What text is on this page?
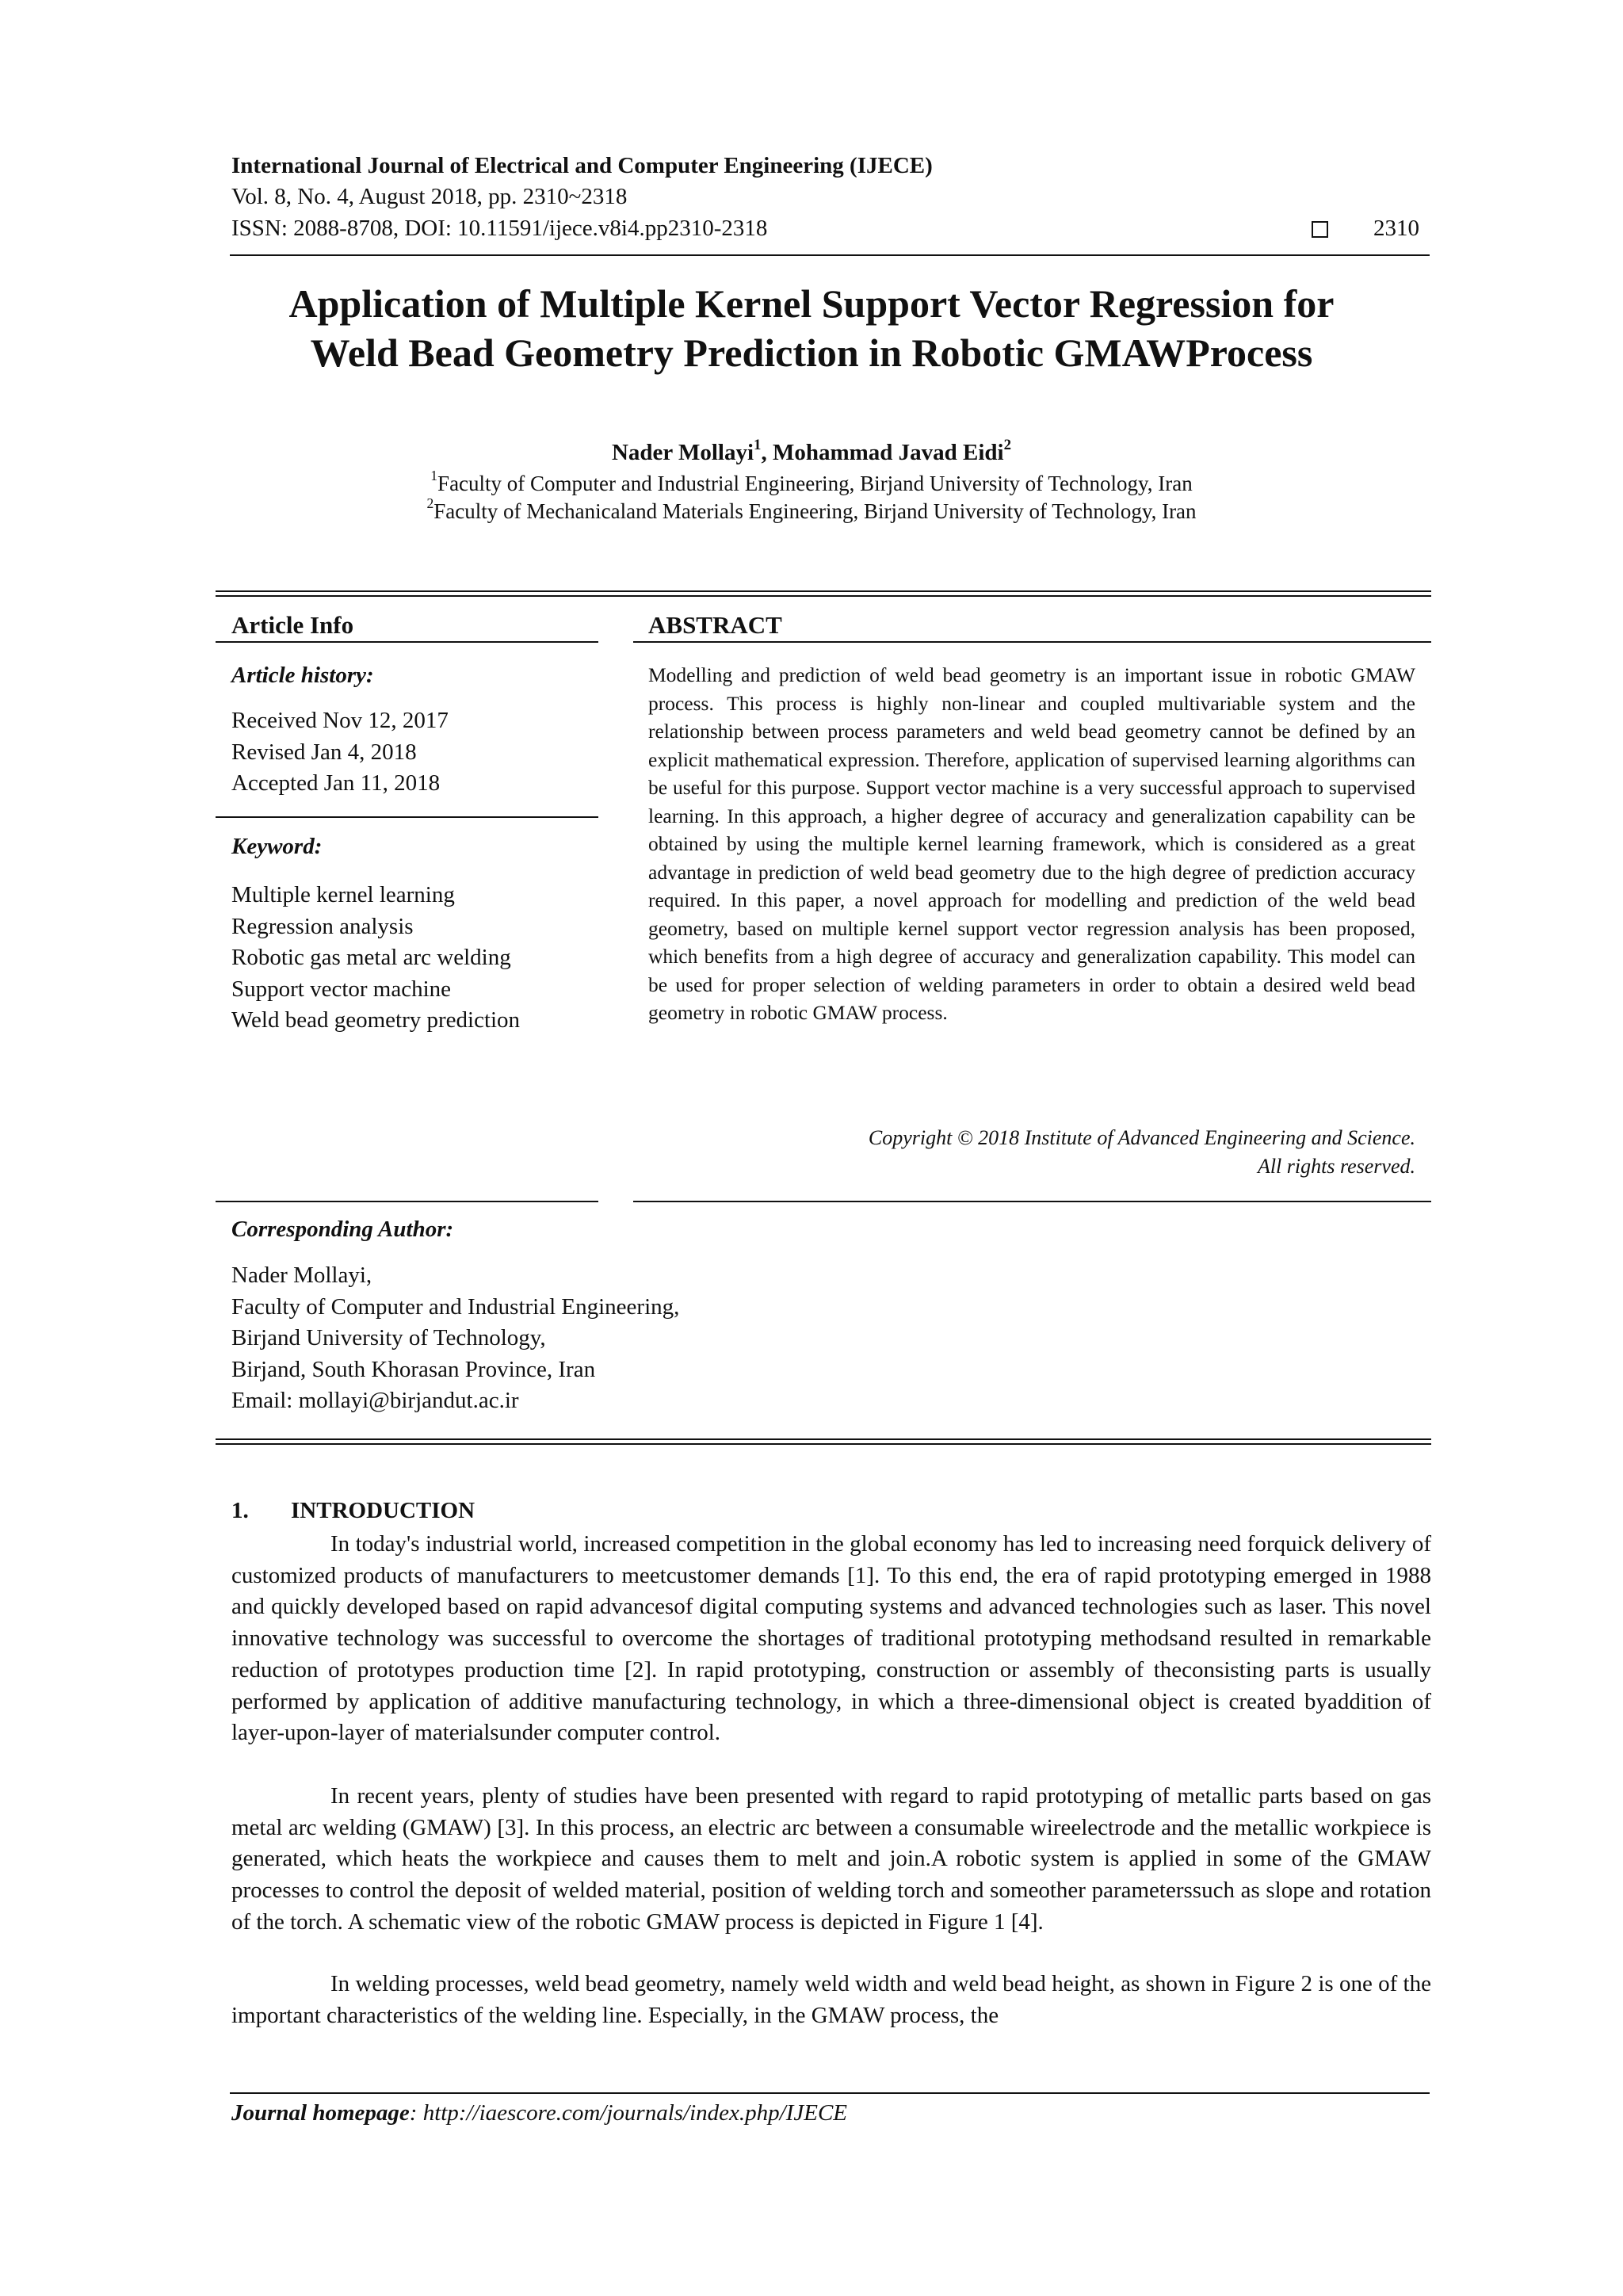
International Journal of Electrical and Computer Engineering (IJECE)
Vol. 8, No. 4, August 2018, pp. 2310~2318
ISSN: 2088-8708, DOI: 10.11591/ijece.v8i4.pp2310-2318	2310
Application of Multiple Kernel Support Vector Regression for
Weld Bead Geometry Prediction in Robotic GMAWProcess
Nader Mollayi$^1$, Mohammad Javad Eidi$^2$
$^1$Faculty of Computer and Industrial Engineering, Birjand University of Technology, Iran
$^2$Faculty of Mechanicaland Materials Engineering, Birjand University of Technology, Iran
Article Info
Article history:
Received Nov 12, 2017
Revised Jan 4, 2018
Accepted Jan 11, 2018
Keyword:
Multiple kernel learning
Regression analysis
Robotic gas metal arc welding
Support vector machine
Weld bead geometry prediction
ABSTRACT
Modelling and prediction of weld bead geometry is an important issue in robotic GMAW process. This process is highly non-linear and coupled multivariable system and the relationship between process parameters and weld bead geometry cannot be defined by an explicit mathematical expression. Therefore, application of supervised learning algorithms can be useful for this purpose. Support vector machine is a very successful approach to supervised learning. In this approach, a higher degree of accuracy and generalization capability can be obtained by using the multiple kernel learning framework, which is considered as a great advantage in prediction of weld bead geometry due to the high degree of prediction accuracy required. In this paper, a novel approach for modelling and prediction of the weld bead geometry, based on multiple kernel support vector regression analysis has been proposed, which benefits from a high degree of accuracy and generalization capability. This model can be used for proper selection of welding parameters in order to obtain a desired weld bead geometry in robotic GMAW process.
Copyright © 2018 Institute of Advanced Engineering and Science.
All rights reserved.
Corresponding Author:
Nader Mollayi,
Faculty of Computer and Industrial Engineering,
Birjand University of Technology,
Birjand, South Khorasan Province, Iran
Email: mollayi@birjandut.ac.ir
1. INTRODUCTION
In today's industrial world, increased competition in the global economy has led to increasing need forquick delivery of customized products of manufacturers to meetcustomer demands [1]. To this end, the era of rapid prototyping emerged in 1988 and quickly developed based on rapid advancesof digital computing systems and advanced technologies such as laser. This novel innovative technology was successful to overcome the shortages of traditional prototyping methodsand resulted in remarkable reduction of prototypes production time [2]. In rapid prototyping, construction or assembly of theconsisting parts is usually performed by application of additive manufacturing technology, in which a three-dimensional object is created byaddition of layer-upon-layer of materialsunder computer control.
In recent years, plenty of studies have been presented with regard to rapid prototyping of metallic parts based on gas metal arc welding (GMAW) [3]. In this process, an electric arc between a consumable wireelectrode and the metallic workpiece is generated, which heats the workpiece and causes them to melt and join.A robotic system is applied in some of the GMAW processes to control the deposit of welded material, position of welding torch and someother parameterssuch as slope and rotation of the torch. A schematic view of the robotic GMAW process is depicted in Figure 1 [4].
In welding processes, weld bead geometry, namely weld width and weld bead height, as shown in Figure 2 is one of the important characteristics of the welding line. Especially, in the GMAW process, the
Journal homepage: http://iaescore.com/journals/index.php/IJECE
